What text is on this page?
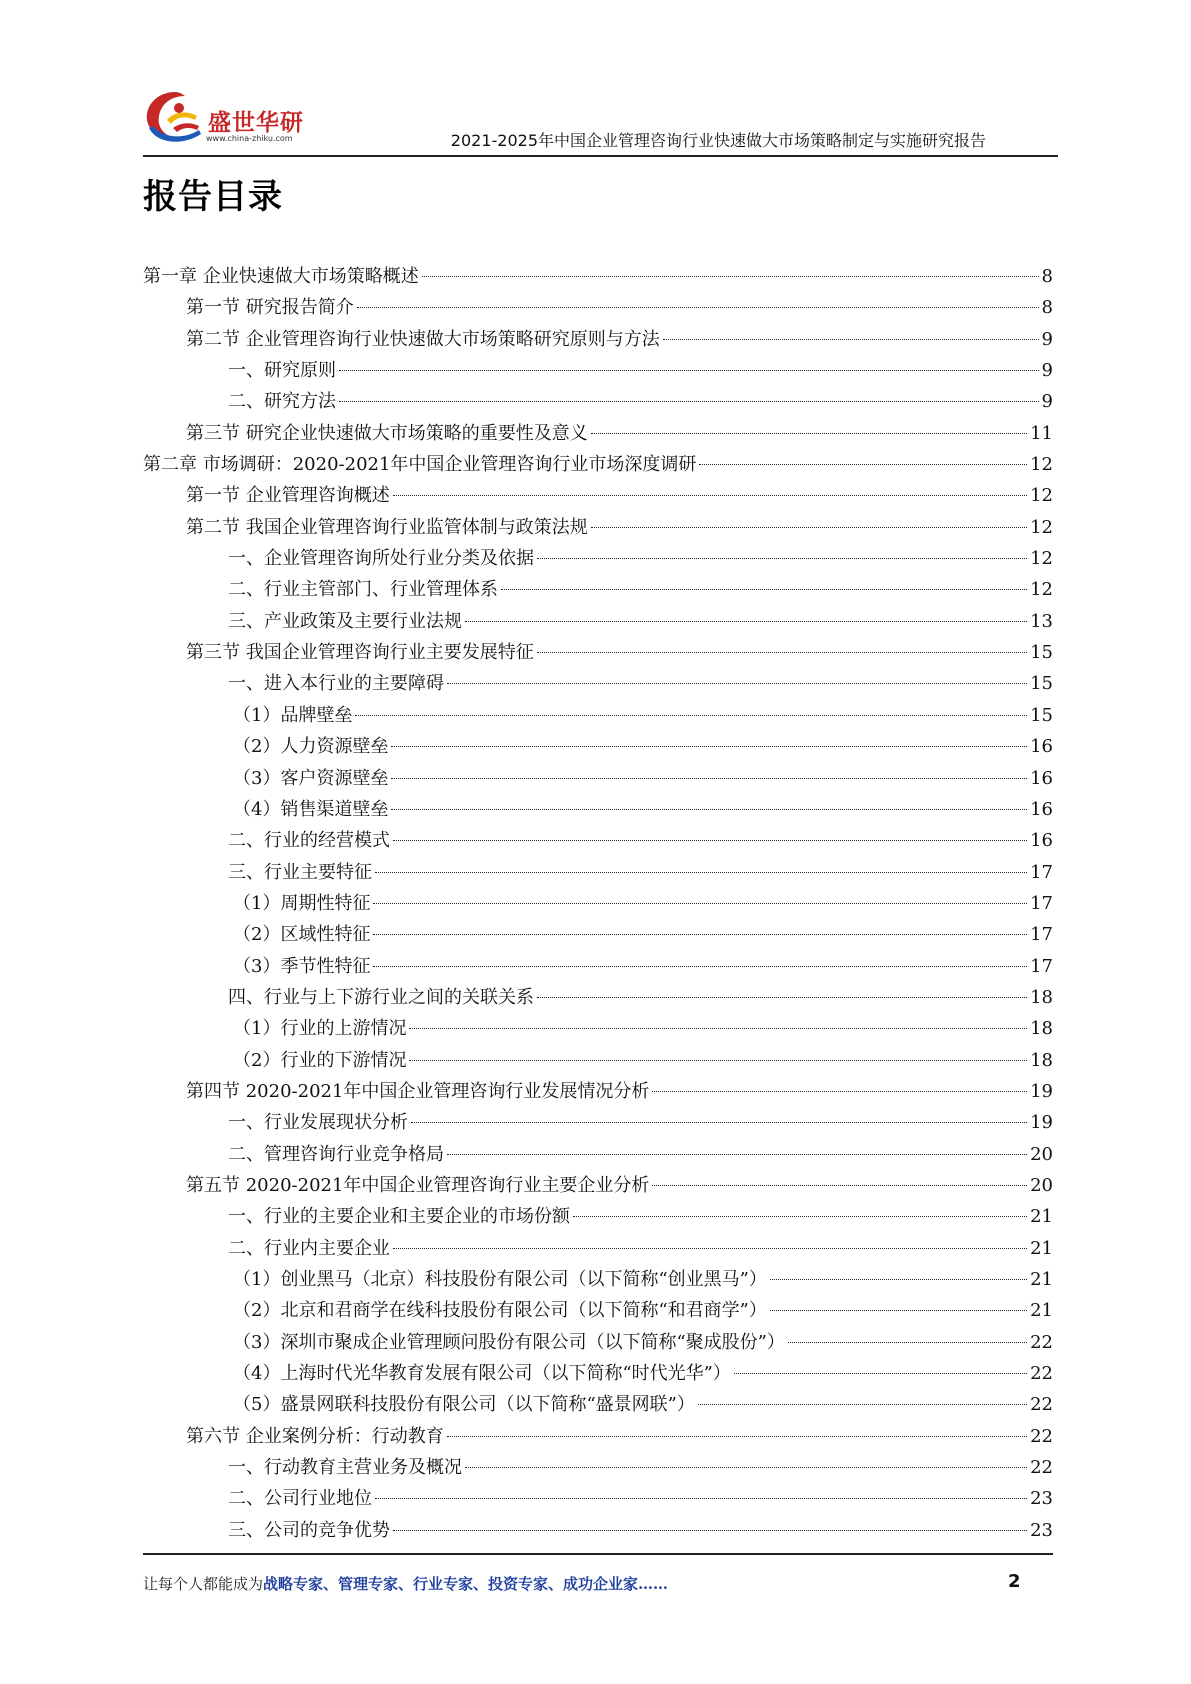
盛世华研
www.china-zhiku.com	2021-2025年中国企业管理咨询行业快速做大市场策略制定与实施研究报告
报告目录
第一章 企业快速做大市场策略概述	8
第一节 研究报告简介	8
第二节 企业管理咨询行业快速做大市场策略研究原则与方法	9
一、研究原则	9
二、研究方法	9
第三节 研究企业快速做大市场策略的重要性及意义	11
第二章 市场调研：2020-2021年中国企业管理咨询行业市场深度调研	12
第一节 企业管理咨询概述	12
第二节 我国企业管理咨询行业监管体制与政策法规	12
一、企业管理咨询所处行业分类及依据	12
二、行业主管部门、行业管理体系	12
三、产业政策及主要行业法规	13
第三节 我国企业管理咨询行业主要发展特征	15
一、进入本行业的主要障碍	15
（1）品牌壁垒	15
（2）人力资源壁垒	16
（3）客户资源壁垒	16
（4）销售渠道壁垒	16
二、行业的经营模式	16
三、行业主要特征	17
（1）周期性特征	17
（2）区域性特征	17
（3）季节性特征	17
四、行业与上下游行业之间的关联关系	18
（1）行业的上游情况	18
（2）行业的下游情况	18
第四节 2020-2021年中国企业管理咨询行业发展情况分析	19
一、行业发展现状分析	19
二、管理咨询行业竞争格局	20
第五节 2020-2021年中国企业管理咨询行业主要企业分析	20
一、行业的主要企业和主要企业的市场份额	21
二、行业内主要企业	21
（1）创业黑马（北京）科技股份有限公司（以下简称“创业黑马”）	21
（2）北京和君商学在线科技股份有限公司（以下简称“和君商学”）	21
（3）深圳市聚成企业管理顾问股份有限公司（以下简称“聚成股份”）	22
（4）上海时代光华教育发展有限公司（以下简称“时代光华”）	22
（5）盛景网联科技股份有限公司（以下简称“盛景网联”）	22
第六节 企业案例分析：行动教育	22
一、行动教育主营业务及概况	22
二、公司行业地位	23
三、公司的竞争优势	23
让每个人都能成为战略专家、管理专家、行业专家、投资专家、成功企业家……	2
